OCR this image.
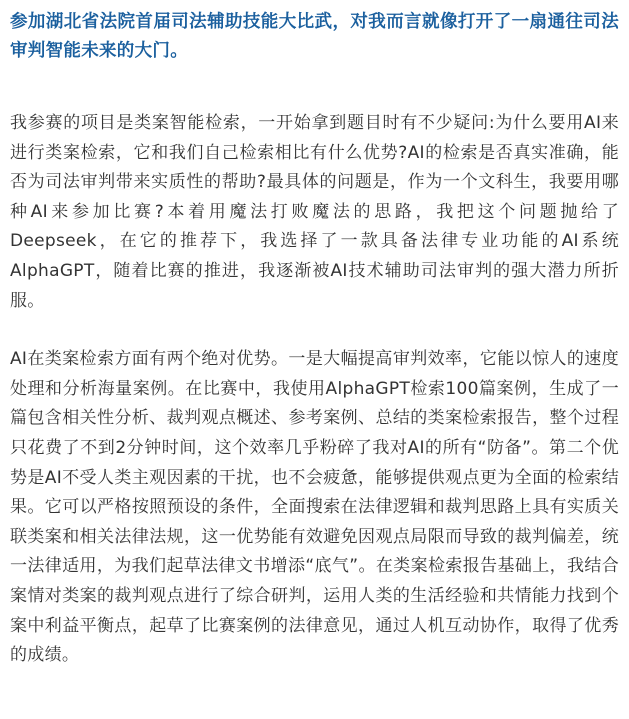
参加湖北省法院首届司法辅助技能大比武，对我而言就像打开了一扇通往司法审判智能未来的大门。

我参赛的项目是类案智能检索，一开始拿到题目时有不少疑问:为什么要用AI来进行类案检索，它和我们自己检索相比有什么优势?AI的检索是否真实准确，能否为司法审判带来实质性的帮助?最具体的问题是，作为一个文科生，我要用哪种AI来参加比赛?本着用魔法打败魔法的思路，我把这个问题抛给了Deepseek，在它的推荐下，我选择了一款具备法律专业功能的AI系统AlphaGPT，随着比赛的推进，我逐渐被AI技术辅助司法审判的强大潜力所折服。

AI在类案检索方面有两个绝对优势。一是大幅提高审判效率，它能以惊人的速度处理和分析海量案例。在比赛中，我使用AlphaGPT检索100篇案例，生成了一篇包含相关性分析、裁判观点概述、参考案例、总结的类案检索报告，整个过程只花费了不到2分钟时间，这个效率几乎粉碎了我对AI的所有“防备”。第二个优势是AI不受人类主观因素的干扰，也不会疲惫，能够提供观点更为全面的检索结果。它可以严格按照预设的条件，全面搜索在法律逻辑和裁判思路上具有实质关联类案和相关法律法规，这一优势能有效避免因观点局限而导致的裁判偏差，统一法律适用，为我们起草法律文书增添“底气”。在类案检索报告基础上，我结合案情对类案的裁判观点进行了综合研判，运用人类的生活经验和共情能力找到个案中利益平衡点，起草了比赛案例的法律意见，通过人机互动协作，取得了优秀的成绩。
